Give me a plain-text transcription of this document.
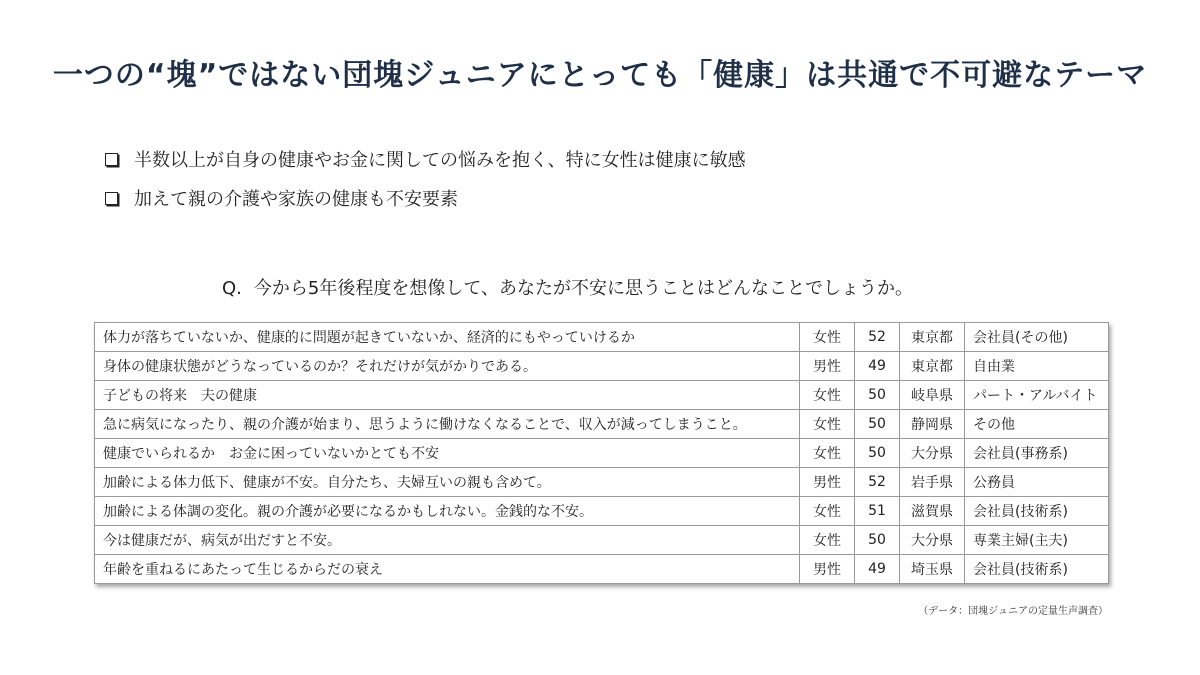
一つの“塊”ではない団塊ジュニアにとっても「健康」は共通で不可避なテーマ
半数以上が自身の健康やお金に関しての悩みを抱く、特に女性は健康に敏感
加えて親の介護や家族の健康も不安要素
Q. 今から5年後程度を想像して、あなたが不安に思うことはどんなことでしょうか。
体力が落ちていないか、健康的に問題が起きていないか、経済的にもやっていけるか	女性	52	東京都	会社員(その他)
身体の健康状態がどうなっているのか？それだけが気がかりである。	男性	49	東京都	自由業
子どもの将来　夫の健康	女性	50	岐阜県	パート・アルバイト
急に病気になったり、親の介護が始まり、思うように働けなくなることで、収入が減ってしまうこと。	女性	50	静岡県	その他
健康でいられるか　お金に困っていないかとても不安	女性	50	大分県	会社員(事務系)
加齢による体力低下、健康が不安。自分たち、夫婦互いの親も含めて。	男性	52	岩手県	公務員
加齢による体調の変化。親の介護が必要になるかもしれない。金銭的な不安。	女性	51	滋賀県	会社員(技術系)
今は健康だが、病気が出だすと不安。	女性	50	大分県	専業主婦(主夫)
年齢を重ねるにあたって生じるからだの衰え	男性	49	埼玉県	会社員(技術系)
（データ：団塊ジュニアの定量生声調査）
